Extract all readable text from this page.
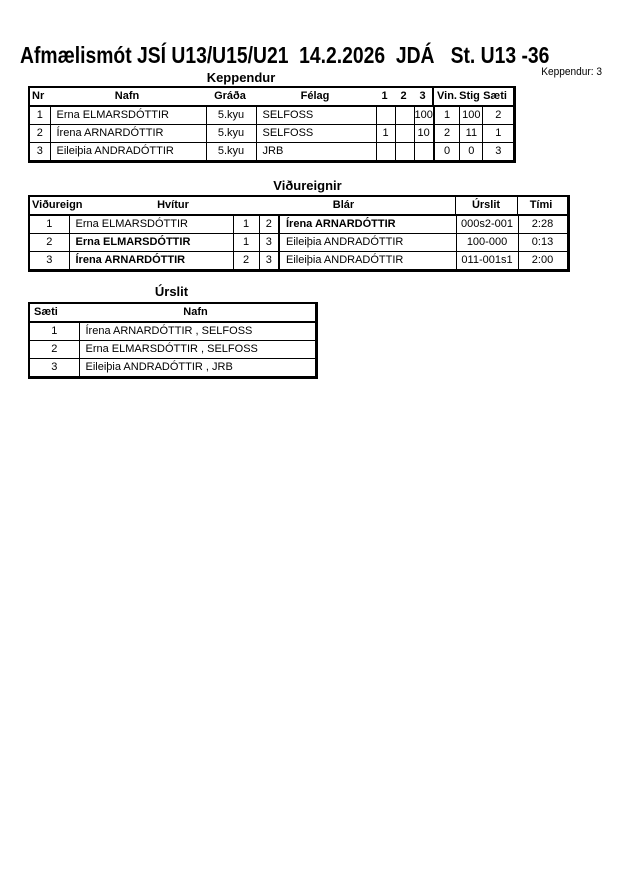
Afmælismót JSÍ U13/U15/U21  14.2.2026  JDÁ   St. U13 -36
Keppendur: 3
Keppendur
Nr	Nafn	Gráða	Félag	1	2	3	Vin. Stig Sæti

1	Erna ELMARSDÓTTIR	5.kyu	SELFOSS			100	1	100	2
2	Írena ARNARDÓTTIR	5.kyu	SELFOSS	1		10	2	11	1
3	Eileiþia ANDRADÓTTIR	5.kyu	JRB				0	0	3
Viðureignir
Viðureign Hvítur Blár Úrslit Tími						

1	Erna ELMARSDÓTTIR	1	2	Írena ARNARDÓTTIR	000s2-001	2:28
2	Erna ELMARSDÓTTIR	1	3	Eileiþia ANDRADÓTTIR	100-000	0:13
3	Írena ARNARDÓTTIR	2	3	Eileiþia ANDRADÓTTIR	011-001s1	2:00
Úrslit
Sæti Nafn	

1	Írena ARNARDÓTTIR , SELFOSS
2	Erna ELMARSDÓTTIR , SELFOSS
3	Eileiþia ANDRADÓTTIR , JRB
